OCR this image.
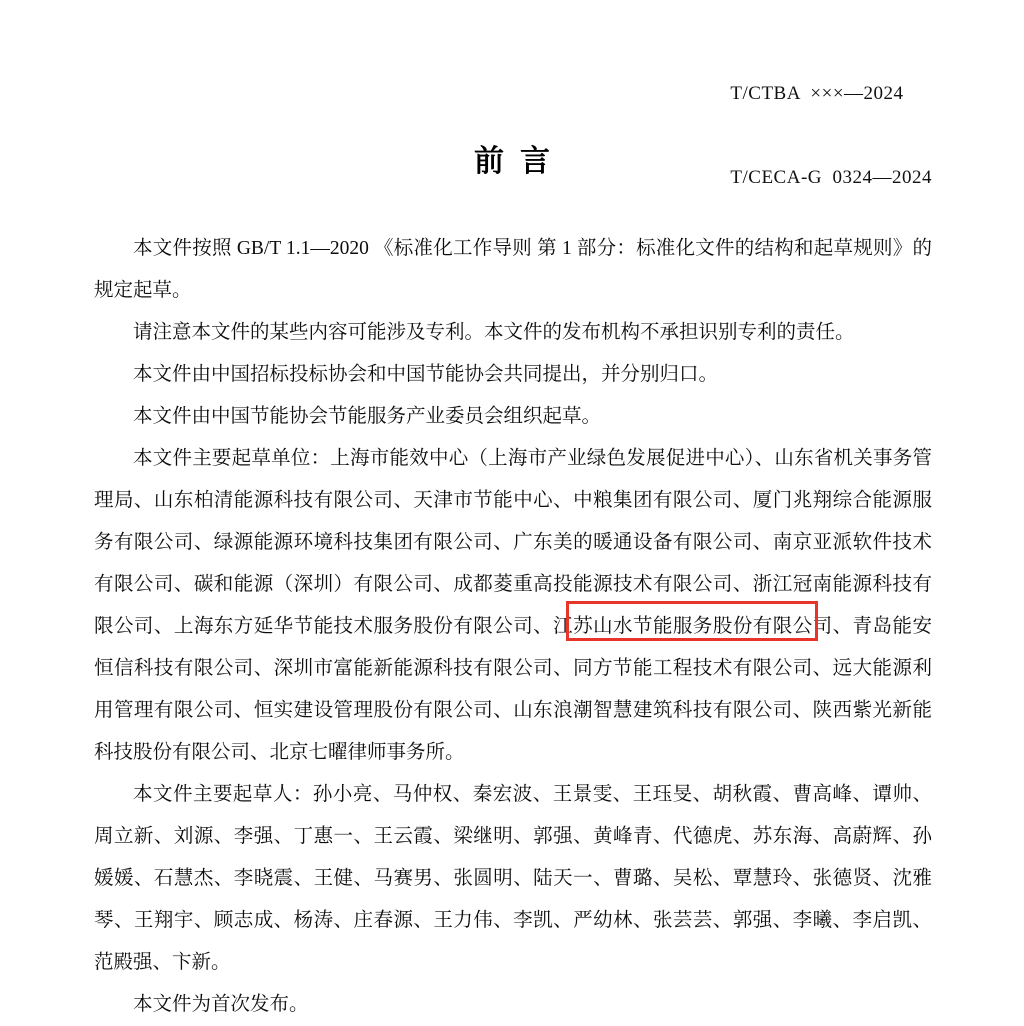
T/CTBA  ×××—2024

T/CECA-G  0324—2024

前言

本文件按照 GB/T 1.1—2020 《标准化工作导则 第 1 部分：标准化文件的结构和起草规则》的规定起草。

请注意本文件的某些内容可能涉及专利。本文件的发布机构不承担识别专利的责任。

本文件由中国招标投标协会和中国节能协会共同提出，并分别归口。

本文件由中国节能协会节能服务产业委员会组织起草。

本文件主要起草单位：上海市能效中心（上海市产业绿色发展促进中心）、山东省机关事务管理局、山东柏清能源科技有限公司、天津市节能中心、中粮集团有限公司、厦门兆翔综合能源服务有限公司、绿源能源环境科技集团有限公司、广东美的暖通设备有限公司、南京亚派软件技术有限公司、碳和能源（深圳）有限公司、成都菱重高投能源技术有限公司、浙江冠南能源科技有限公司、上海东方延华节能技术服务股份有限公司、江苏山水节能服务股份有限公司、青岛能安恒信科技有限公司、深圳市富能新能源科技有限公司、同方节能工程技术有限公司、远大能源利用管理有限公司、恒实建设管理股份有限公司、山东浪潮智慧建筑科技有限公司、陕西紫光新能科技股份有限公司、北京七曜律师事务所。

本文件主要起草人：孙小亮、马仲权、秦宏波、王景雯、王珏旻、胡秋霞、曹高峰、谭帅、周立新、刘源、李强、丁惠一、王云霞、梁继明、郭强、黄峰青、代德虎、苏东海、高蔚辉、孙媛媛、石慧杰、李晓震、王健、马赛男、张圆明、陆天一、曹璐、吴松、覃慧玲、张德贤、沈雅琴、王翔宇、顾志成、杨涛、庄春源、王力伟、李凯、严幼林、张芸芸、郭强、李曦、李启凯、范殿强、卞新。

本文件为首次发布。
